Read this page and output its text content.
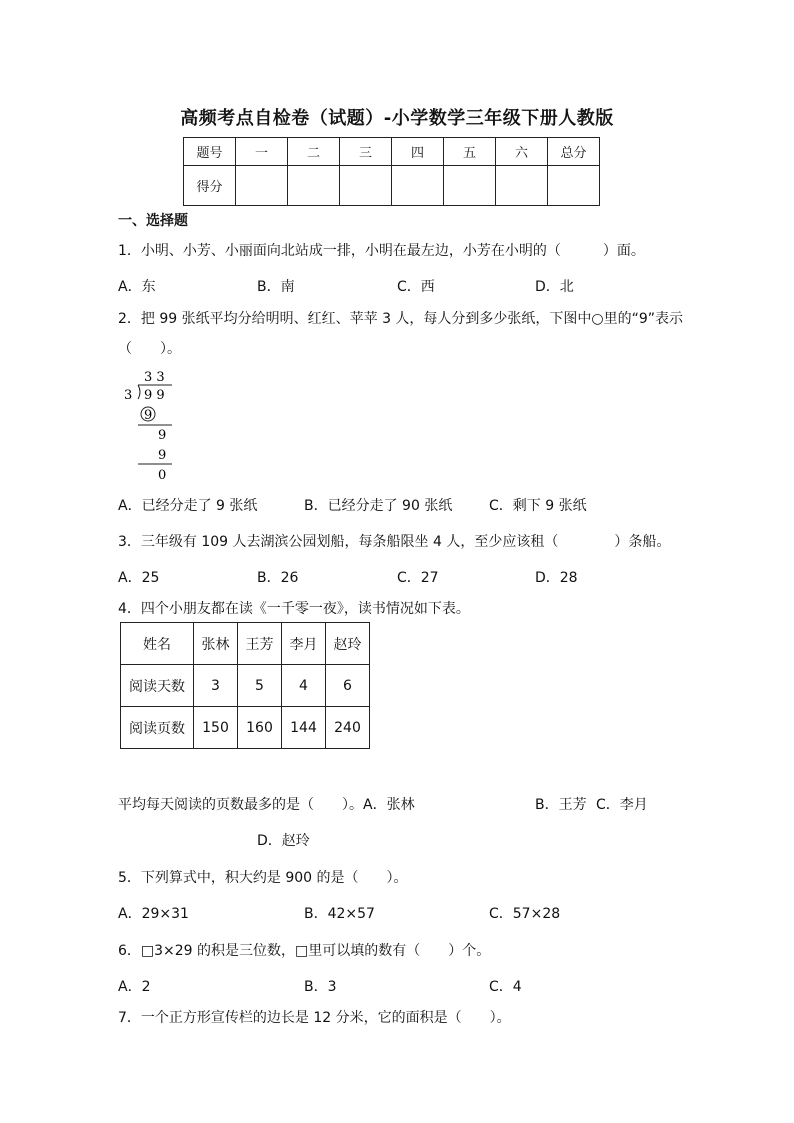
高频考点自检卷（试题）-小学数学三年级下册人教版
题号	一	二	三	四	五	六	总分
得分							
一、选择题
1．小明、小芳、小丽面向北站成一排，小明在最左边，小芳在小明的（　　　）面。
A．东	B．南	C．西	D．北
2．把 99 张纸平均分给明明、红红、苹苹 3 人，每人分到多少张纸，下图中○里的“9”表示
（　　）。
3 3
3 9 9
9
9
9
0
A．已经分走了 9 张纸	B．已经分走了 90 张纸	C．剩下 9 张纸
3．三年级有 109 人去湖滨公园划船，每条船限坐 4 人，至少应该租（　　　　）条船。
A．25	B．26	C．27	D．28
4．四个小朋友都在读《一千零一夜》，读书情况如下表。
姓名	张林	王芳	李月	赵玲
阅读天数	3	5	4	6
阅读页数	150	160	144	240
平均每天阅读的页数最多的是（　　）。A．张林	B．王芳 C．李月
D．赵玲
5．下列算式中，积大约是 900 的是（　　）。
A．29×31	B．42×57	C．57×28
6．□3×29 的积是三位数，□里可以填的数有（　　）个。
A．2	B．3	C．4
7．一个正方形宣传栏的边长是 12 分米，它的面积是（　　）。
